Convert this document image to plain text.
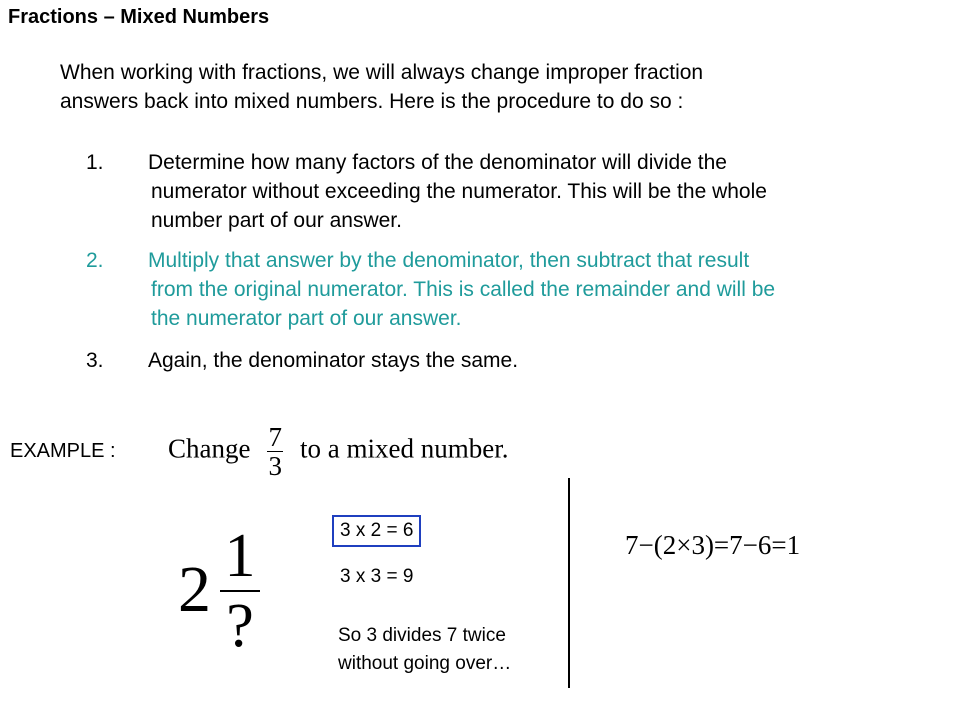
Fractions – Mixed Numbers
When working with fractions, we will always change improper fraction
answers back into mixed numbers. Here is the procedure to do so :
1.	Determine how many factors of the denominator will divide the
numerator without exceeding the numerator. This will be the whole
number part of our answer.
2.	Multiply that answer by the denominator, then subtract that result
from the original numerator. This is called the remainder and will be
the numerator part of our answer.
3.	Again, the denominator stays the same.
EXAMPLE : Change $\frac{7}{3}$ to a mixed number.
2 1
?
3 x 2 = 6
3 x 3 = 9
So 3 divides 7 twice
without going over…
7−(2×3)=7−6=1
